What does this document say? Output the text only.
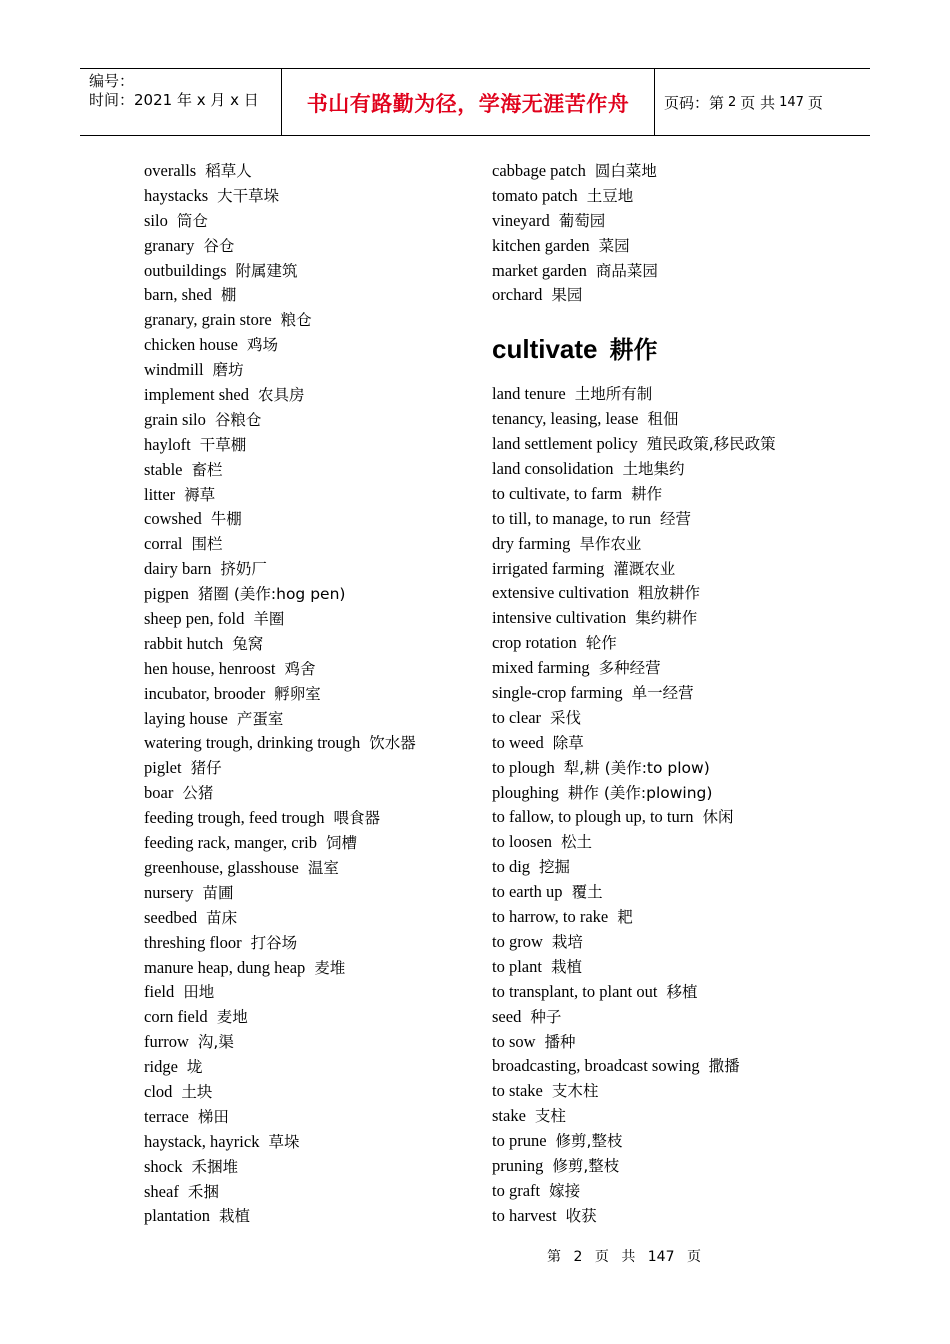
编号：
时间：2021 年 x 月 x 日	书山有路勤为径，学海无涯苦作舟 页码：第 2 页 共 147 页
overalls 稻草人
haystacks 大干草垛
silo 筒仓
granary 谷仓
outbuildings 附属建筑
barn, shed 棚
granary, grain store 粮仓
chicken house 鸡场
windmill 磨坊
implement shed 农具房
grain silo 谷粮仓
hayloft 干草棚
stable 畜栏
litter 褥草
cowshed 牛棚
corral 围栏
dairy barn 挤奶厂
pigpen 猪圈 (美作:hog pen)
sheep pen, fold 羊圈
rabbit hutch 兔窝
hen house, henroost 鸡舍
incubator, brooder 孵卵室
laying house 产蛋室
watering trough, drinking trough 饮水器
piglet 猪仔
boar 公猪
feeding trough, feed trough 喂食器
feeding rack, manger, crib 饲槽
greenhouse, glasshouse 温室
nursery 苗圃
seedbed 苗床
threshing floor 打谷场
manure heap, dung heap 麦堆
field 田地
corn field 麦地
furrow 沟,渠
ridge 垅
clod 土块
terrace 梯田
haystack, hayrick 草垛
shock 禾捆堆
sheaf 禾捆
plantation 栽植
cabbage patch 圆白菜地
tomato patch 土豆地
vineyard 葡萄园
kitchen garden 菜园
market garden 商品菜园
orchard 果园
cultivate 耕作
land tenure 土地所有制
tenancy, leasing, lease 租佃
land settlement policy 殖民政策,移民政策
land consolidation 土地集约
to cultivate, to farm 耕作
to till, to manage, to run 经营
dry farming 旱作农业
irrigated farming 灌溉农业
extensive cultivation 粗放耕作
intensive cultivation 集约耕作
crop rotation 轮作
mixed farming 多种经营
single-crop farming 单一经营
to clear 采伐
to weed 除草
to plough 犁,耕 (美作:to plow)
ploughing 耕作 (美作:plowing)
to fallow, to plough up, to turn 休闲
to loosen 松土
to dig 挖掘
to earth up 覆土
to harrow, to rake 耙
to grow 栽培
to plant 栽植
to transplant, to plant out 移植
seed 种子
to sow 播种
broadcasting, broadcast sowing 撒播
to stake 支木柱
stake 支柱
to prune 修剪,整枝
pruning 修剪,整枝
to graft 嫁接
to harvest 收获
第 2 页 共 147 页
